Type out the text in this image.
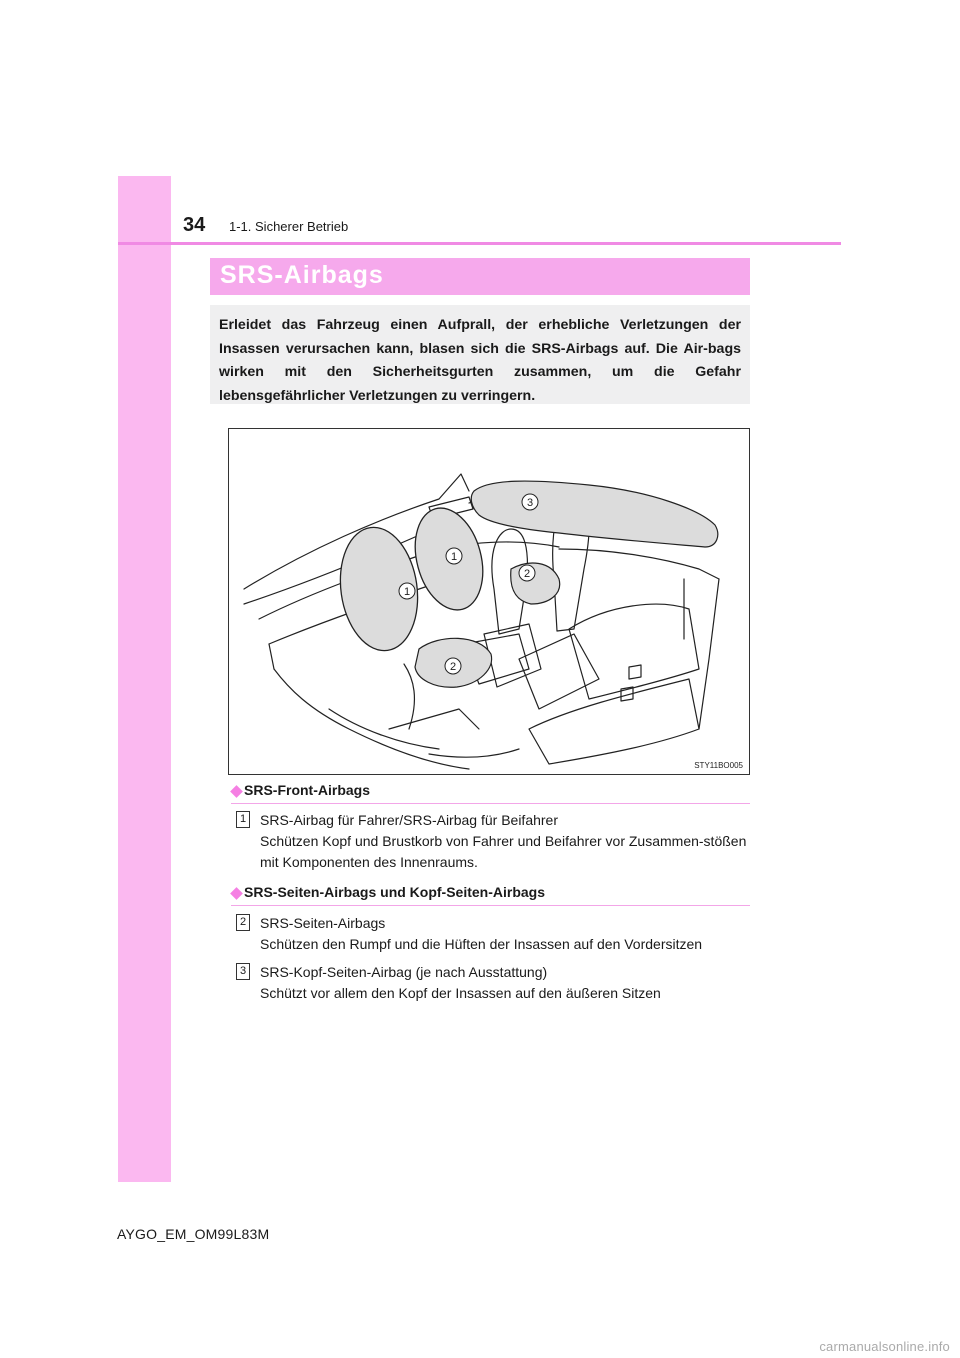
34 1-1. Sicherer Betrieb
SRS-Airbags

Erleidet das Fahrzeug einen Aufprall, der erhebliche Verletzungen der Insassen verursachen kann, blasen sich die SRS-Airbags auf. Die Air-bags wirken mit den Sicherheitsgurten zusammen, um die Gefahr lebensgefährlicher Verletzungen zu verringern.

1
1
2
2
3
STY11BO005
SRS-Front-Airbags
1 SRS-Airbag für Fahrer/SRS-Airbag für Beifahrer
Schützen Kopf und Brustkorb von Fahrer und Beifahrer vor Zusammen-stößen mit Komponenten des Innenraums.
SRS-Seiten-Airbags und Kopf-Seiten-Airbags
2 SRS-Seiten-Airbags
Schützen den Rumpf und die Hüften der Insassen auf den Vordersitzen
3 SRS-Kopf-Seiten-Airbag (je nach Ausstattung)
Schützt vor allem den Kopf der Insassen auf den äußeren Sitzen
AYGO_EM_OM99L83M
carmanualsonline.info
